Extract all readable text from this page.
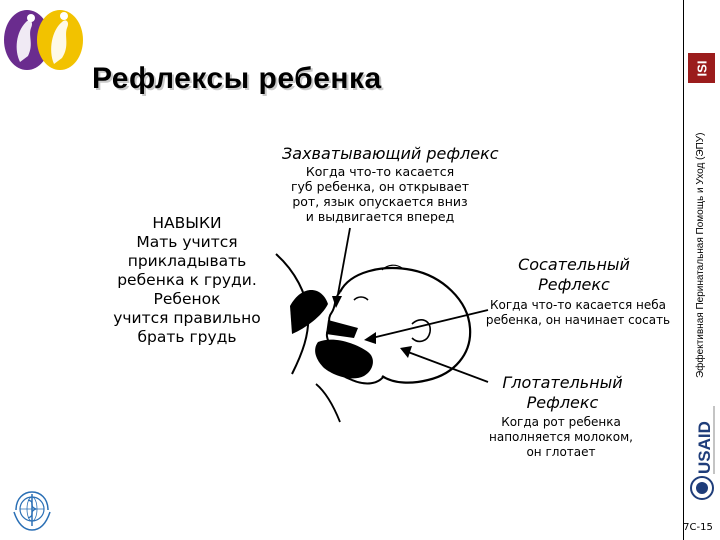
Рефлексы ребенка	ISI
Эффективная Перинатальная Помощь и Уход (ЭПУ)
USAID
Захватывающий рефлекс
Когда что-то касается
губ ребенка, он открывает
рот, язык опускается вниз
и выдвигается вперед
НАВЫКИ
Мать учится
прикладывать
ребенка к груди.
Ребенок
учится правильно
брать грудь
Сосательный
Рефлекс
Когда что-то касается неба
ребенка, он начинает сосать
Глотательный
Рефлекс
Когда рот ребенка
наполняется молоком,
он глотает
7C-15
